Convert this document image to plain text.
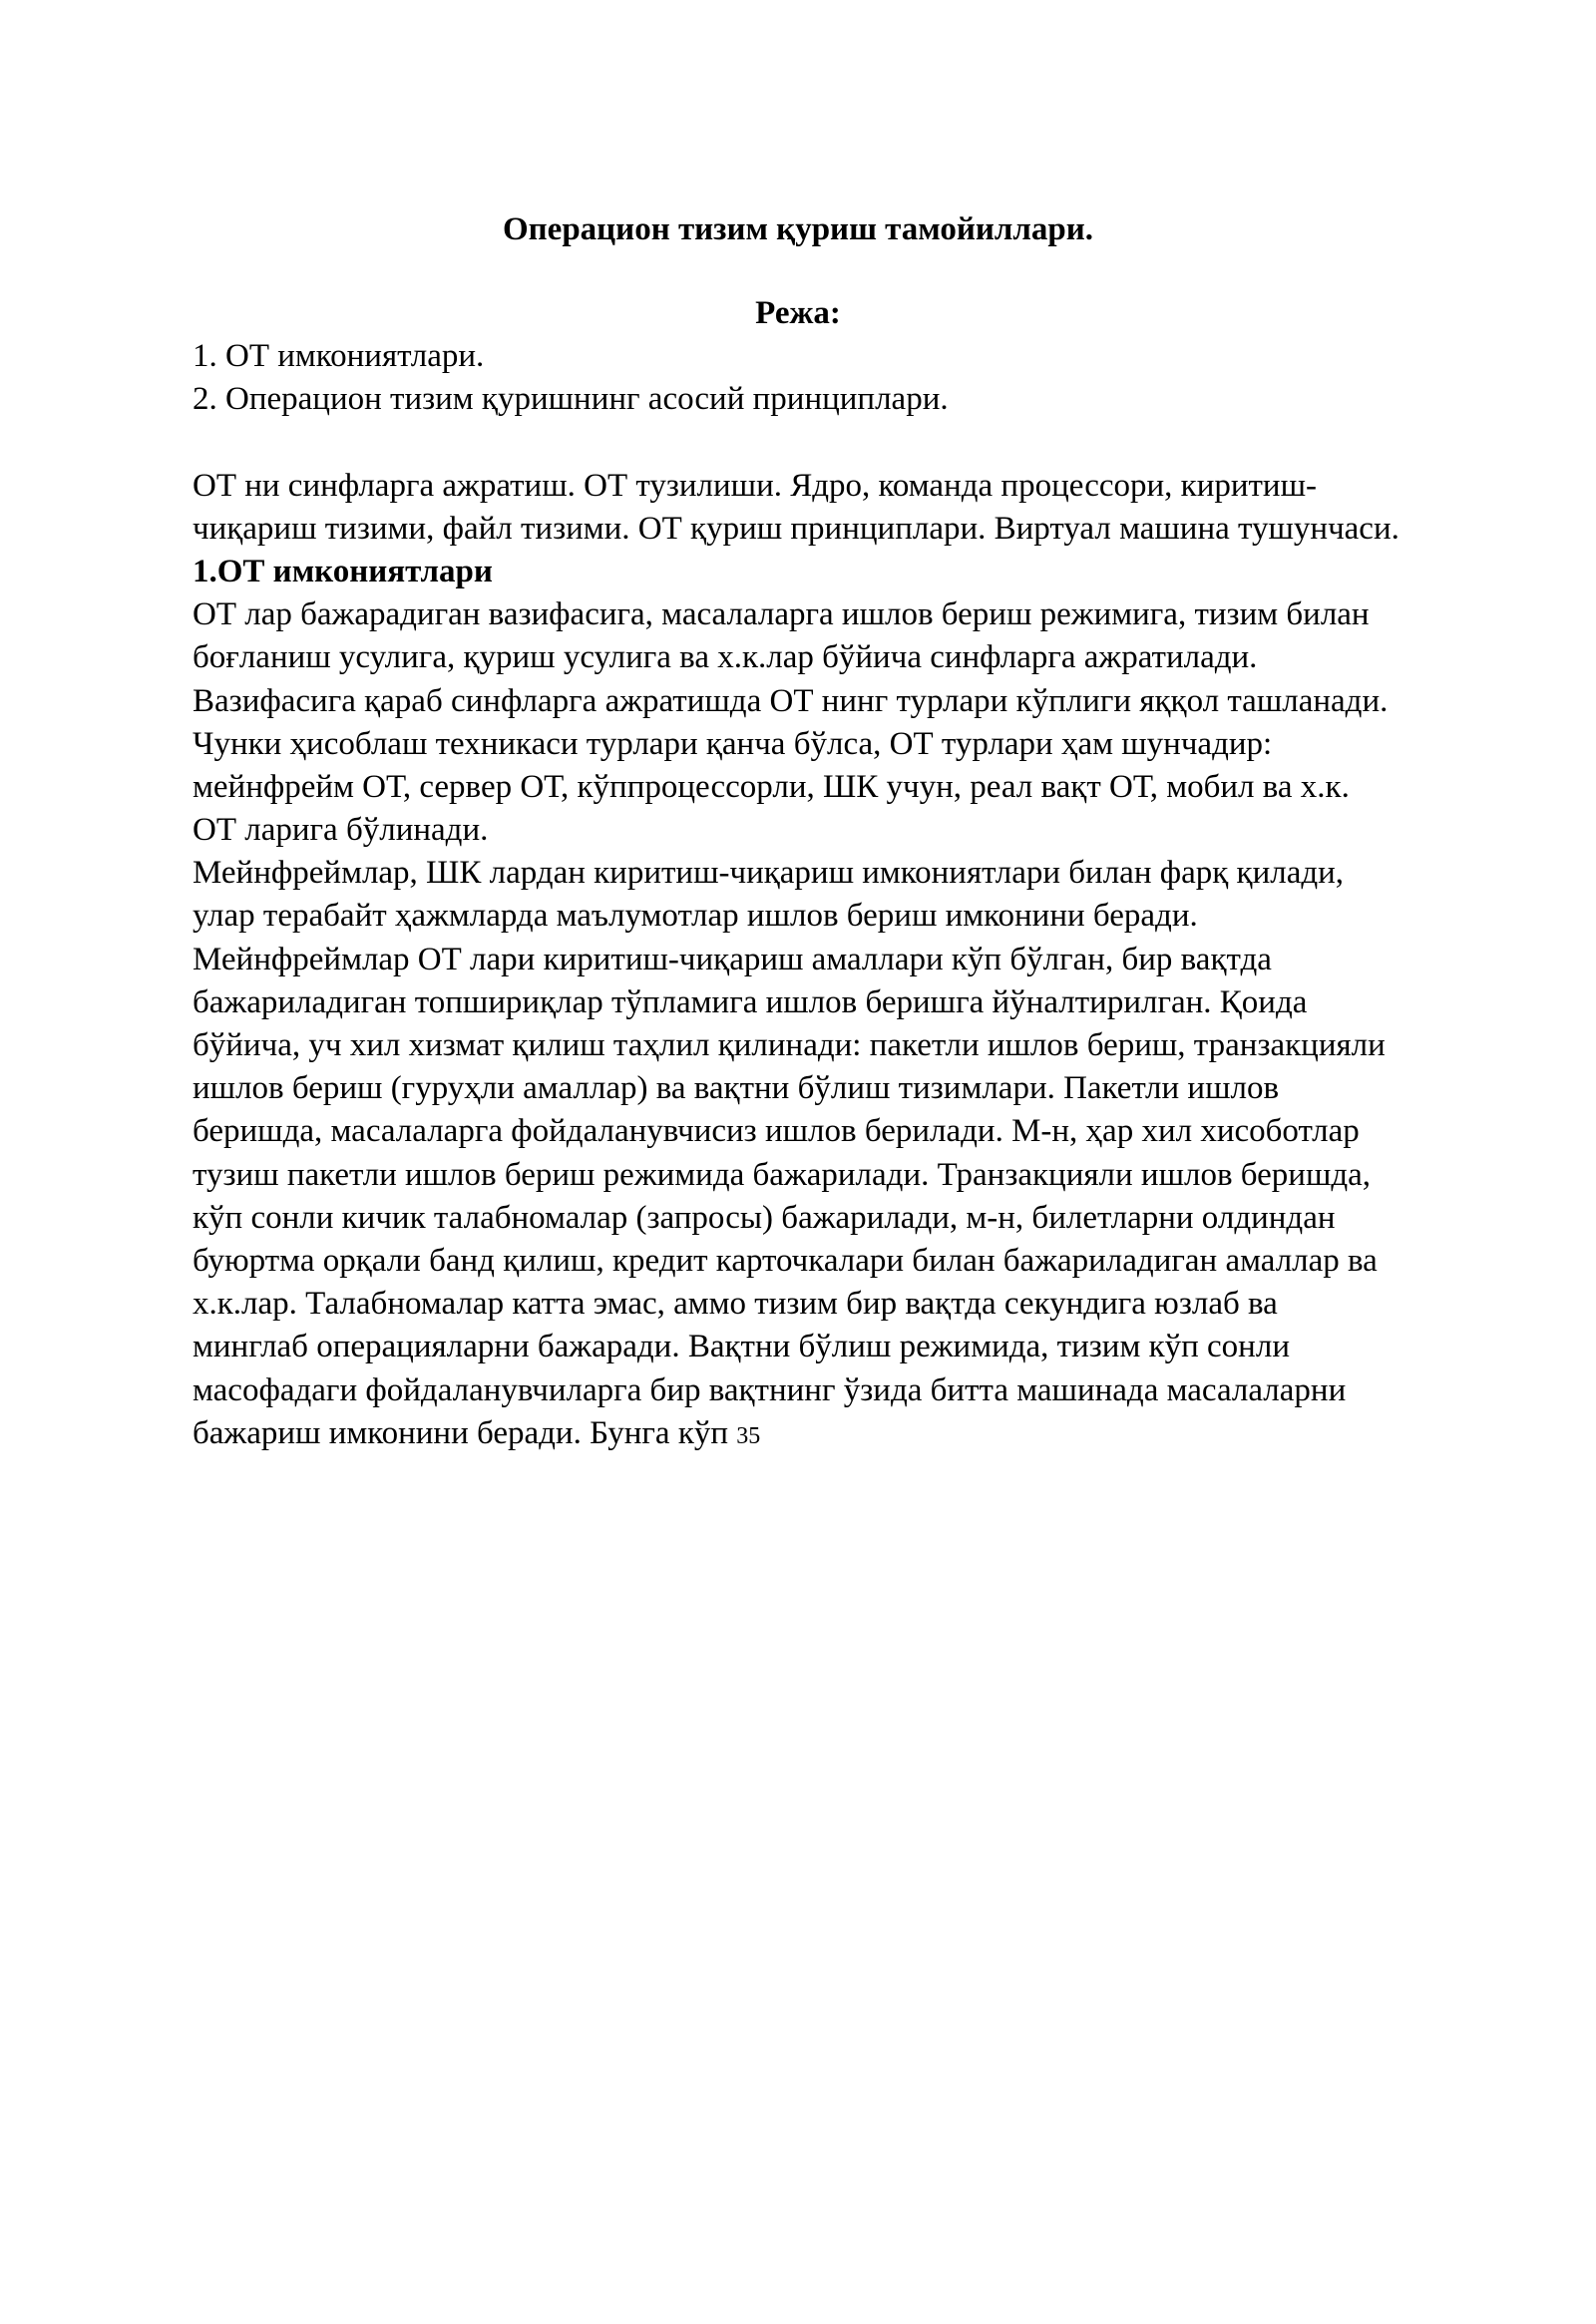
Операцион тизим қуриш тамойиллари.
Режа:
1. ОТ имкониятлари.
2. Операцион тизим қуришнинг асосий принциплари.
ОТ ни синфларга ажратиш. ОТ тузилиши. Ядро, команда процессори, киритиш-
чиқариш тизими, файл тизими. ОТ қуриш принциплари. Виртуал машина тушунчаси.
1.ОТ имкониятлари
ОТ лар бажарадиган вазифасига, масалаларга ишлов бериш режимига, тизим билан
боғланиш усулига, қуриш усулига ва х.к.лар бўйича синфларга ажратилади.
Вазифасига қараб синфларга ажратишда ОТ нинг турлари кўплиги яққол ташланади.
Чунки ҳисоблаш техникаси турлари қанча бўлса, ОТ турлари ҳам шунчадир:
мейнфрейм ОТ, сервер ОТ, кўппроцессорли, ШК учун, реал вақт ОТ, мобил ва х.к.
ОТ ларига бўлинади.
Мейнфреймлар, ШК лардан киритиш-чиқариш имкониятлари билан фарқ қилади,
улар терабайт ҳажмларда маълумотлар ишлов бериш имконини беради.
Мейнфреймлар ОТ лари киритиш-чиқариш амаллари кўп бўлган, бир вақтда
бажариладиган топшириқлар тўпламига ишлов беришга йўналтирилган. Қоида
бўйича, уч хил хизмат қилиш таҳлил қилинади: пакетли ишлов бериш, транзакцияли
ишлов бериш (гуруҳли амаллар) ва вақтни бўлиш тизимлари. Пакетли ишлов
беришда, масалаларга фойдаланувчисиз ишлов берилади. М-н, ҳар хил хисоботлар
тузиш пакетли ишлов бериш режимида бажарилади. Транзакцияли ишлов беришда,
кўп сонли кичик талабномалар (запросы) бажарилади, м-н, билетларни олдиндан
буюртма орқали банд қилиш, кредит карточкалари билан бажариладиган амаллар ва
х.к.лар. Талабномалар катта эмас, аммо тизим бир вақтда секундига юзлаб ва
минглаб операцияларни бажаради. Вақтни бўлиш режимида, тизим кўп сонли
масофадаги фойдаланувчиларга бир вақтнинг ўзида битта машинада масалаларни
бажариш имконини беради. Бунга кўп 35
